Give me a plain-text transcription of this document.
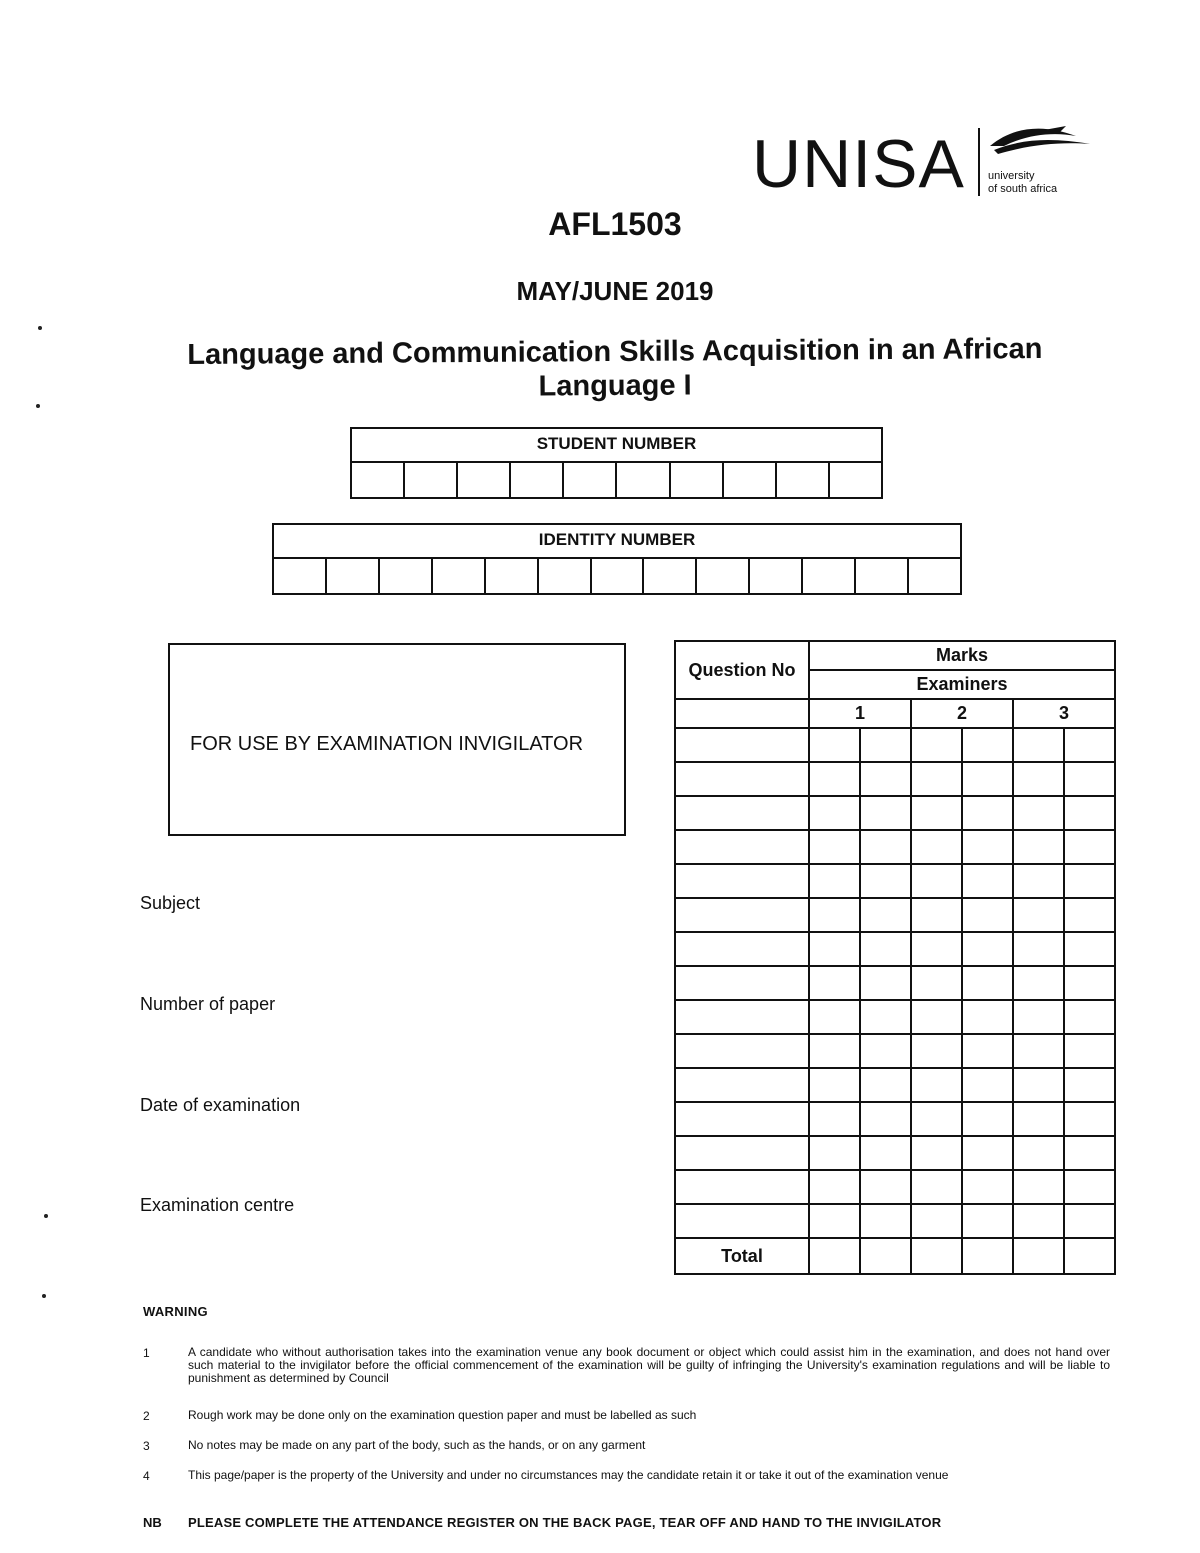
UNISA university
of south africa
AFL1503
MAY/JUNE 2019
Language and Communication Skills Acquisition in an African
Language I
STUDENT NUMBER
IDENTITY NUMBER
FOR USE BY EXAMINATION INVIGILATOR
Subject
Number of paper
Date of examination
Examination centre
Question No	Marks					
	Examiners					
	1		2		3	

Total						
WARNING
1	A candidate who without authorisation takes into the examination venue any book document or object which could assist him in the examination, and does not hand over such material to the invigilator before the official commencement of the examination will be guilty of infringing the University's examination regulations and will be liable to punishment as determined by Council
2	Rough work may be done only on the examination question paper and must be labelled as such
3	No notes may be made on any part of the body, such as the hands, or on any garment
4	This page/paper is the property of the University and under no circumstances may the candidate retain it or take it out of the examination venue
NB PLEASE COMPLETE THE ATTENDANCE REGISTER ON THE BACK PAGE, TEAR OFF AND HAND TO THE INVIGILATOR
